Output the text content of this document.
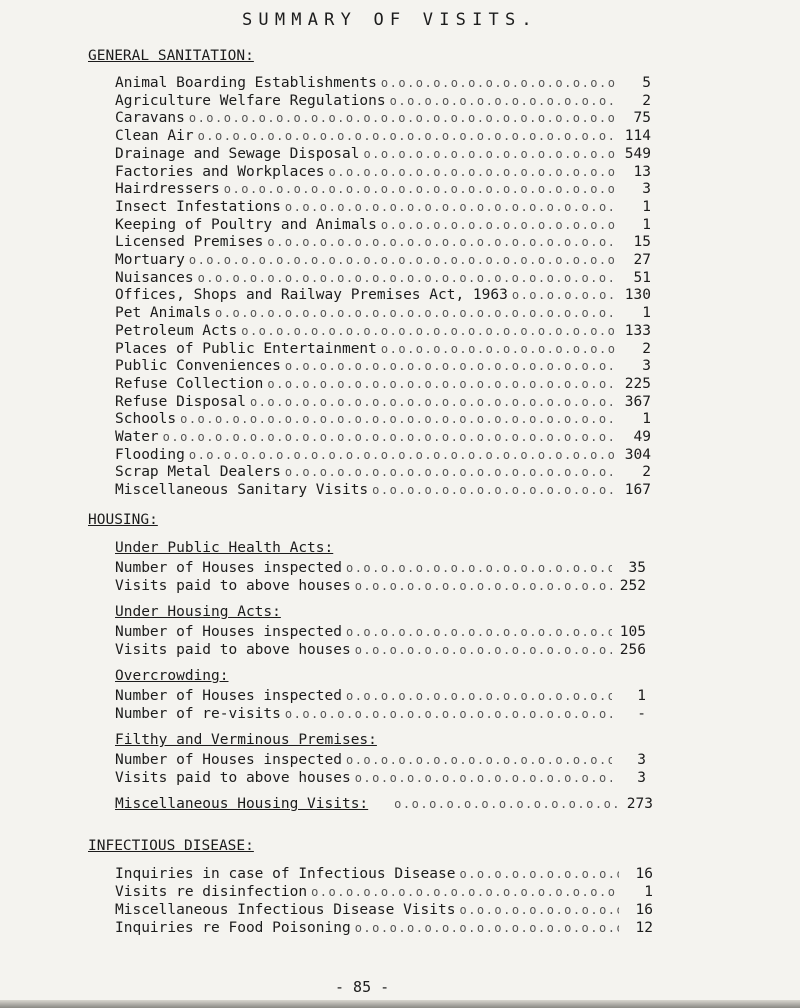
SUMMARY OF VISITS.
GENERAL SANITATION:
Animal Boarding Establishments o.o.o.o.o.o.o.o.o.o.o.o.o.o.o.o.o.o.o.o.o.o.o.o.o.o.o.o.o.o.o.o.o.o.o.o.o.o.o.o.o.o.o.o.o.o.o.o.o.o.o.o.o.o.o.o.o.o.o.o.o.o.o.o.o.o.o.o.o.o.o.o.o.o.o.o.o.o.o.o.o.o.o.o	5
Agriculture Welfare Regulations o.o.o.o.o.o.o.o.o.o.o.o.o.o.o.o.o.o.o.o.o.o.o.o.o.o.o.o.o.o.o.o.o.o.o.o.o.o.o.o.o.o.o.o.o.o.o.o.o.o.o.o.o.o.o.o.o.o.o.o.o.o.o.o.o.o.o.o.o.o.o.o.o.o.o.o.o.o.o.o.o.o.o.o	2
Caravans o.o.o.o.o.o.o.o.o.o.o.o.o.o.o.o.o.o.o.o.o.o.o.o.o.o.o.o.o.o.o.o.o.o.o.o.o.o.o.o.o.o.o.o.o.o.o.o.o.o.o.o.o.o.o.o.o.o.o.o.o.o.o.o.o.o.o.o.o.o.o.o.o.o.o.o.o.o.o.o.o.o.o.o	75
Clean Air o.o.o.o.o.o.o.o.o.o.o.o.o.o.o.o.o.o.o.o.o.o.o.o.o.o.o.o.o.o.o.o.o.o.o.o.o.o.o.o.o.o.o.o.o.o.o.o.o.o.o.o.o.o.o.o.o.o.o.o.o.o.o.o.o.o.o.o.o.o.o.o.o.o.o.o.o.o.o.o.o.o.o.o	114
Drainage and Sewage Disposal o.o.o.o.o.o.o.o.o.o.o.o.o.o.o.o.o.o.o.o.o.o.o.o.o.o.o.o.o.o.o.o.o.o.o.o.o.o.o.o.o.o.o.o.o.o.o.o.o.o.o.o.o.o.o.o.o.o.o.o.o.o.o.o.o.o.o.o.o.o.o.o.o.o.o.o.o.o.o.o.o.o.o.o	549
Factories and Workplaces o.o.o.o.o.o.o.o.o.o.o.o.o.o.o.o.o.o.o.o.o.o.o.o.o.o.o.o.o.o.o.o.o.o.o.o.o.o.o.o.o.o.o.o.o.o.o.o.o.o.o.o.o.o.o.o.o.o.o.o.o.o.o.o.o.o.o.o.o.o.o.o.o.o.o.o.o.o.o.o.o.o.o.o	13
Hairdressers o.o.o.o.o.o.o.o.o.o.o.o.o.o.o.o.o.o.o.o.o.o.o.o.o.o.o.o.o.o.o.o.o.o.o.o.o.o.o.o.o.o.o.o.o.o.o.o.o.o.o.o.o.o.o.o.o.o.o.o.o.o.o.o.o.o.o.o.o.o.o.o.o.o.o.o.o.o.o.o.o.o.o.o	3
Insect Infestations o.o.o.o.o.o.o.o.o.o.o.o.o.o.o.o.o.o.o.o.o.o.o.o.o.o.o.o.o.o.o.o.o.o.o.o.o.o.o.o.o.o.o.o.o.o.o.o.o.o.o.o.o.o.o.o.o.o.o.o.o.o.o.o.o.o.o.o.o.o.o.o.o.o.o.o.o.o.o.o.o.o.o.o	1
Keeping of Poultry and Animals o.o.o.o.o.o.o.o.o.o.o.o.o.o.o.o.o.o.o.o.o.o.o.o.o.o.o.o.o.o.o.o.o.o.o.o.o.o.o.o.o.o.o.o.o.o.o.o.o.o.o.o.o.o.o.o.o.o.o.o.o.o.o.o.o.o.o.o.o.o.o.o.o.o.o.o.o.o.o.o.o.o.o.o	1
Licensed Premises o.o.o.o.o.o.o.o.o.o.o.o.o.o.o.o.o.o.o.o.o.o.o.o.o.o.o.o.o.o.o.o.o.o.o.o.o.o.o.o.o.o.o.o.o.o.o.o.o.o.o.o.o.o.o.o.o.o.o.o.o.o.o.o.o.o.o.o.o.o.o.o.o.o.o.o.o.o.o.o.o.o.o.o	15
Mortuary o.o.o.o.o.o.o.o.o.o.o.o.o.o.o.o.o.o.o.o.o.o.o.o.o.o.o.o.o.o.o.o.o.o.o.o.o.o.o.o.o.o.o.o.o.o.o.o.o.o.o.o.o.o.o.o.o.o.o.o.o.o.o.o.o.o.o.o.o.o.o.o.o.o.o.o.o.o.o.o.o.o.o.o	27
Nuisances o.o.o.o.o.o.o.o.o.o.o.o.o.o.o.o.o.o.o.o.o.o.o.o.o.o.o.o.o.o.o.o.o.o.o.o.o.o.o.o.o.o.o.o.o.o.o.o.o.o.o.o.o.o.o.o.o.o.o.o.o.o.o.o.o.o.o.o.o.o.o.o.o.o.o.o.o.o.o.o.o.o.o.o	51
Offices, Shops and Railway Premises Act, 1963 o.o.o.o.o.o.o.o.o.o.o.o.o.o.o.o.o.o.o.o.o.o.o.o.o.o.o.o.o.o.o.o.o.o.o.o.o.o.o.o.o.o.o.o.o.o.o.o.o.o.o.o.o.o.o.o.o.o.o.o.o.o.o.o.o.o.o.o.o.o.o.o.o.o.o.o.o.o.o.o.o.o.o.o	130
Pet Animals o.o.o.o.o.o.o.o.o.o.o.o.o.o.o.o.o.o.o.o.o.o.o.o.o.o.o.o.o.o.o.o.o.o.o.o.o.o.o.o.o.o.o.o.o.o.o.o.o.o.o.o.o.o.o.o.o.o.o.o.o.o.o.o.o.o.o.o.o.o.o.o.o.o.o.o.o.o.o.o.o.o.o.o	1
Petroleum Acts o.o.o.o.o.o.o.o.o.o.o.o.o.o.o.o.o.o.o.o.o.o.o.o.o.o.o.o.o.o.o.o.o.o.o.o.o.o.o.o.o.o.o.o.o.o.o.o.o.o.o.o.o.o.o.o.o.o.o.o.o.o.o.o.o.o.o.o.o.o.o.o.o.o.o.o.o.o.o.o.o.o.o.o	133
Places of Public Entertainment o.o.o.o.o.o.o.o.o.o.o.o.o.o.o.o.o.o.o.o.o.o.o.o.o.o.o.o.o.o.o.o.o.o.o.o.o.o.o.o.o.o.o.o.o.o.o.o.o.o.o.o.o.o.o.o.o.o.o.o.o.o.o.o.o.o.o.o.o.o.o.o.o.o.o.o.o.o.o.o.o.o.o.o	2
Public Conveniences o.o.o.o.o.o.o.o.o.o.o.o.o.o.o.o.o.o.o.o.o.o.o.o.o.o.o.o.o.o.o.o.o.o.o.o.o.o.o.o.o.o.o.o.o.o.o.o.o.o.o.o.o.o.o.o.o.o.o.o.o.o.o.o.o.o.o.o.o.o.o.o.o.o.o.o.o.o.o.o.o.o.o.o	3
Refuse Collection o.o.o.o.o.o.o.o.o.o.o.o.o.o.o.o.o.o.o.o.o.o.o.o.o.o.o.o.o.o.o.o.o.o.o.o.o.o.o.o.o.o.o.o.o.o.o.o.o.o.o.o.o.o.o.o.o.o.o.o.o.o.o.o.o.o.o.o.o.o.o.o.o.o.o.o.o.o.o.o.o.o.o.o	225
Refuse Disposal o.o.o.o.o.o.o.o.o.o.o.o.o.o.o.o.o.o.o.o.o.o.o.o.o.o.o.o.o.o.o.o.o.o.o.o.o.o.o.o.o.o.o.o.o.o.o.o.o.o.o.o.o.o.o.o.o.o.o.o.o.o.o.o.o.o.o.o.o.o.o.o.o.o.o.o.o.o.o.o.o.o.o.o	367
Schools o.o.o.o.o.o.o.o.o.o.o.o.o.o.o.o.o.o.o.o.o.o.o.o.o.o.o.o.o.o.o.o.o.o.o.o.o.o.o.o.o.o.o.o.o.o.o.o.o.o.o.o.o.o.o.o.o.o.o.o.o.o.o.o.o.o.o.o.o.o.o.o.o.o.o.o.o.o.o.o.o.o.o.o	1
Water o.o.o.o.o.o.o.o.o.o.o.o.o.o.o.o.o.o.o.o.o.o.o.o.o.o.o.o.o.o.o.o.o.o.o.o.o.o.o.o.o.o.o.o.o.o.o.o.o.o.o.o.o.o.o.o.o.o.o.o.o.o.o.o.o.o.o.o.o.o.o.o.o.o.o.o.o.o.o.o.o.o.o.o	49
Flooding o.o.o.o.o.o.o.o.o.o.o.o.o.o.o.o.o.o.o.o.o.o.o.o.o.o.o.o.o.o.o.o.o.o.o.o.o.o.o.o.o.o.o.o.o.o.o.o.o.o.o.o.o.o.o.o.o.o.o.o.o.o.o.o.o.o.o.o.o.o.o.o.o.o.o.o.o.o.o.o.o.o.o.o	304
Scrap Metal Dealers o.o.o.o.o.o.o.o.o.o.o.o.o.o.o.o.o.o.o.o.o.o.o.o.o.o.o.o.o.o.o.o.o.o.o.o.o.o.o.o.o.o.o.o.o.o.o.o.o.o.o.o.o.o.o.o.o.o.o.o.o.o.o.o.o.o.o.o.o.o.o.o.o.o.o.o.o.o.o.o.o.o.o.o	2
Miscellaneous Sanitary Visits o.o.o.o.o.o.o.o.o.o.o.o.o.o.o.o.o.o.o.o.o.o.o.o.o.o.o.o.o.o.o.o.o.o.o.o.o.o.o.o.o.o.o.o.o.o.o.o.o.o.o.o.o.o.o.o.o.o.o.o.o.o.o.o.o.o.o.o.o.o.o.o.o.o.o.o.o.o.o.o.o.o.o.o	167
HOUSING:
Under Public Health Acts:
Number of Houses inspected o.o.o.o.o.o.o.o.o.o.o.o.o.o.o.o.o.o.o.o.o.o.o.o.o.o.o.o.o.o.o.o.o.o.o.o.o.o.o.o.o.o.o.o.o.o.o.o.o.o.o.o.o.o.o.o.o.o.o.o.o.o.o.o.o.o.o.o.o.o.o.o.o.o.o.o.o.o.o.o.o.o.o.o	35
Visits paid to above houses o.o.o.o.o.o.o.o.o.o.o.o.o.o.o.o.o.o.o.o.o.o.o.o.o.o.o.o.o.o.o.o.o.o.o.o.o.o.o.o.o.o.o.o.o.o.o.o.o.o.o.o.o.o.o.o.o.o.o.o.o.o.o.o.o.o.o.o.o.o.o.o.o.o.o.o.o.o.o.o.o.o.o.o	252
Under Housing Acts:
Number of Houses inspected o.o.o.o.o.o.o.o.o.o.o.o.o.o.o.o.o.o.o.o.o.o.o.o.o.o.o.o.o.o.o.o.o.o.o.o.o.o.o.o.o.o.o.o.o.o.o.o.o.o.o.o.o.o.o.o.o.o.o.o.o.o.o.o.o.o.o.o.o.o.o.o.o.o.o.o.o.o.o.o.o.o.o.o	105
Visits paid to above houses o.o.o.o.o.o.o.o.o.o.o.o.o.o.o.o.o.o.o.o.o.o.o.o.o.o.o.o.o.o.o.o.o.o.o.o.o.o.o.o.o.o.o.o.o.o.o.o.o.o.o.o.o.o.o.o.o.o.o.o.o.o.o.o.o.o.o.o.o.o.o.o.o.o.o.o.o.o.o.o.o.o.o.o	256
Overcrowding:
Number of Houses inspected o.o.o.o.o.o.o.o.o.o.o.o.o.o.o.o.o.o.o.o.o.o.o.o.o.o.o.o.o.o.o.o.o.o.o.o.o.o.o.o.o.o.o.o.o.o.o.o.o.o.o.o.o.o.o.o.o.o.o.o.o.o.o.o.o.o.o.o.o.o.o.o.o.o.o.o.o.o.o.o.o.o.o.o	1
Number of re-visits o.o.o.o.o.o.o.o.o.o.o.o.o.o.o.o.o.o.o.o.o.o.o.o.o.o.o.o.o.o.o.o.o.o.o.o.o.o.o.o.o.o.o.o.o.o.o.o.o.o.o.o.o.o.o.o.o.o.o.o.o.o.o.o.o.o.o.o.o.o.o.o.o.o.o.o.o.o.o.o.o.o.o.o	-
Filthy and Verminous Premises:
Number of Houses inspected o.o.o.o.o.o.o.o.o.o.o.o.o.o.o.o.o.o.o.o.o.o.o.o.o.o.o.o.o.o.o.o.o.o.o.o.o.o.o.o.o.o.o.o.o.o.o.o.o.o.o.o.o.o.o.o.o.o.o.o.o.o.o.o.o.o.o.o.o.o.o.o.o.o.o.o.o.o.o.o.o.o.o.o	3
Visits paid to above houses o.o.o.o.o.o.o.o.o.o.o.o.o.o.o.o.o.o.o.o.o.o.o.o.o.o.o.o.o.o.o.o.o.o.o.o.o.o.o.o.o.o.o.o.o.o.o.o.o.o.o.o.o.o.o.o.o.o.o.o.o.o.o.o.o.o.o.o.o.o.o.o.o.o.o.o.o.o.o.o.o.o.o.o	3
Miscellaneous Housing Visits: o.o.o.o.o.o.o.o.o.o.o.o.o.o.o.o.o.o.o.o.o.o.o.o.o.o.o.o.o.o.o.o.o.o.o.o.o.o.o.o.o.o.o.o.o.o.o.o.o.o.o.o.o.o.o.o.o.o.o.o.o.o.o.o.o.o.o.o.o.o.o.o.o.o.o.o.o.o.o.o.o.o.o.o	273
INFECTIOUS DISEASE:
Inquiries in case of Infectious Disease o.o.o.o.o.o.o.o.o.o.o.o.o.o.o.o.o.o.o.o.o.o.o.o.o.o.o.o.o.o.o.o.o.o.o.o.o.o.o.o.o.o.o.o.o.o.o.o.o.o.o.o.o.o.o.o.o.o.o.o.o.o.o.o.o.o.o.o.o.o.o.o.o.o.o.o.o.o.o.o.o.o.o.o	16
Visits re disinfection o.o.o.o.o.o.o.o.o.o.o.o.o.o.o.o.o.o.o.o.o.o.o.o.o.o.o.o.o.o.o.o.o.o.o.o.o.o.o.o.o.o.o.o.o.o.o.o.o.o.o.o.o.o.o.o.o.o.o.o.o.o.o.o.o.o.o.o.o.o.o.o.o.o.o.o.o.o.o.o.o.o.o.o	1
Miscellaneous Infectious Disease Visits o.o.o.o.o.o.o.o.o.o.o.o.o.o.o.o.o.o.o.o.o.o.o.o.o.o.o.o.o.o.o.o.o.o.o.o.o.o.o.o.o.o.o.o.o.o.o.o.o.o.o.o.o.o.o.o.o.o.o.o.o.o.o.o.o.o.o.o.o.o.o.o.o.o.o.o.o.o.o.o.o.o.o.o	16
Inquiries re Food Poisoning o.o.o.o.o.o.o.o.o.o.o.o.o.o.o.o.o.o.o.o.o.o.o.o.o.o.o.o.o.o.o.o.o.o.o.o.o.o.o.o.o.o.o.o.o.o.o.o.o.o.o.o.o.o.o.o.o.o.o.o.o.o.o.o.o.o.o.o.o.o.o.o.o.o.o.o.o.o.o.o.o.o.o.o	12
- 85 -
